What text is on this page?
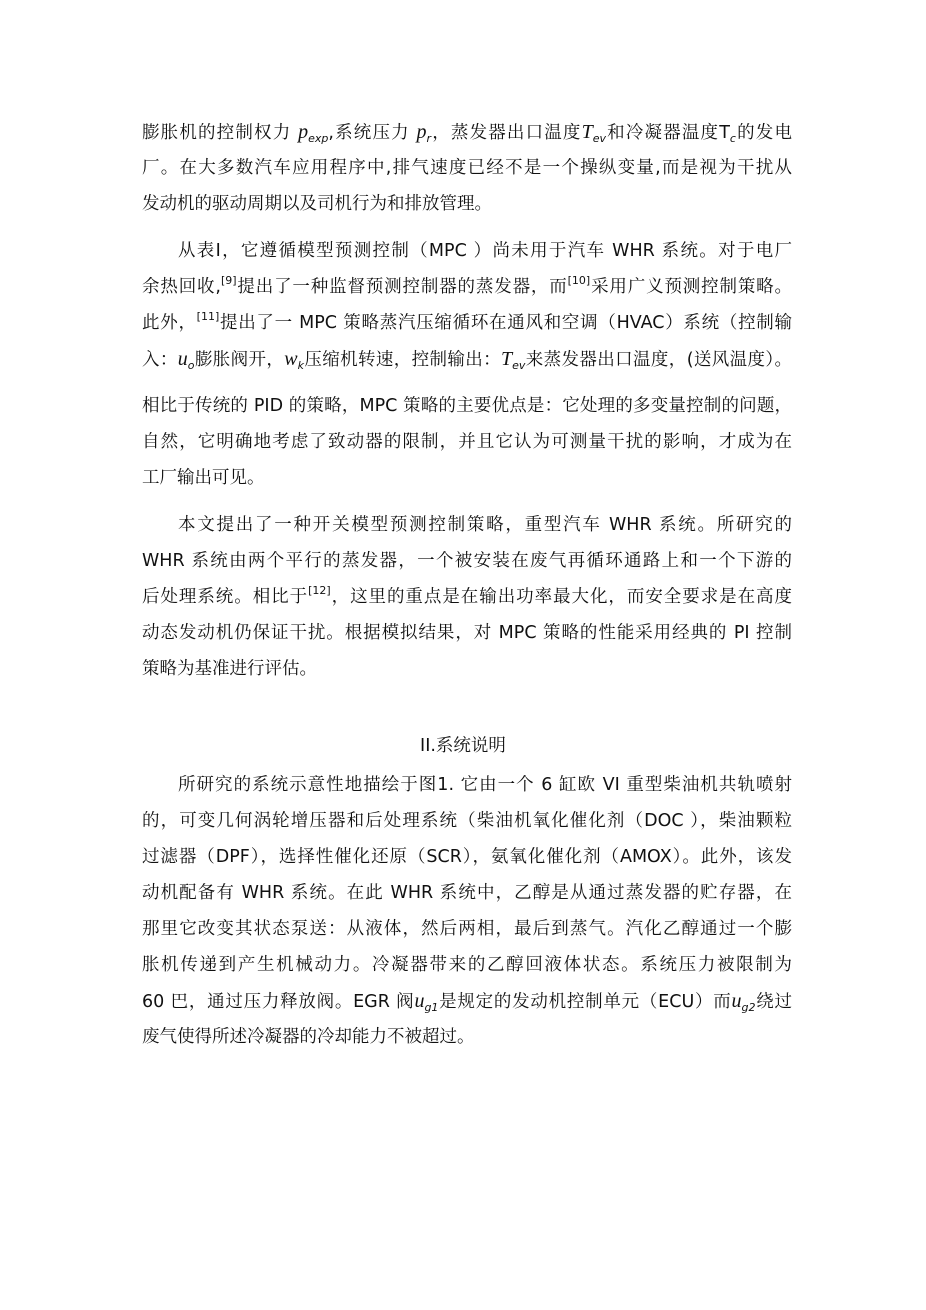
II.系统说明
膨胀机的控制权力 $p_{exp}$,系统压力 $p_r$，蒸发器出口温度$T_{ev}$和冷凝器温度$T_c$的发电
厂。在大多数汽车应用程序中,排气速度已经不是一个操纵变量,而是视为干扰从
发动机的驱动周期以及司机行为和排放管理。
从表Ⅰ，它遵循模型预测控制（MPC ）尚未用于汽车 WHR 系统。对于电厂
余热回收,[9]提出了一种监督预测控制器的蒸发器，而[10]采用广义预测控制策略。
此外，[11]提出了一 MPC 策略蒸汽压缩循环在通风和空调（HVAC）系统（控制输
入：$u_o$膨胀阀开，$w_k$压缩机转速，控制输出：$T_{ev}$来蒸发器出口温度，(送风温度）。
相比于传统的 PID 的策略，MPC 策略的主要优点是：它处理的多变量控制的问题，
自然，它明确地考虑了致动器的限制，并且它认为可测量干扰的影响，才成为在
工厂输出可见。
本文提出了一种开关模型预测控制策略，重型汽车 WHR 系统。所研究的
WHR 系统由两个平行的蒸发器，一个被安装在废气再循环通路上和一个下游的
后处理系统。相比于[12]，这里的重点是在输出功率最大化，而安全要求是在高度
动态发动机仍保证干扰。根据模拟结果，对 MPC 策略的性能采用经典的 PI 控制
策略为基准进行评估。
所研究的系统示意性地描绘于图1. 它由一个 6 缸欧 VI 重型柴油机共轨喷射
的，可变几何涡轮增压器和后处理系统（柴油机氧化催化剂（DOC ），柴油颗粒
过滤器（DPF），选择性催化还原（SCR），氨氧化催化剂（AMOX）。此外，该发
动机配备有 WHR 系统。在此 WHR 系统中，乙醇是从通过蒸发器的贮存器，在
那里它改变其状态泵送：从液体，然后两相，最后到蒸气。汽化乙醇通过一个膨
胀机传递到产生机械动力。冷凝器带来的乙醇回液体状态。系统压力被限制为
60 巴，通过压力释放阀。EGR 阀$u_{g1}$是规定的发动机控制单元（ECU）而$u_{g2}$绕过
废气使得所述冷凝器的冷却能力不被超过。
